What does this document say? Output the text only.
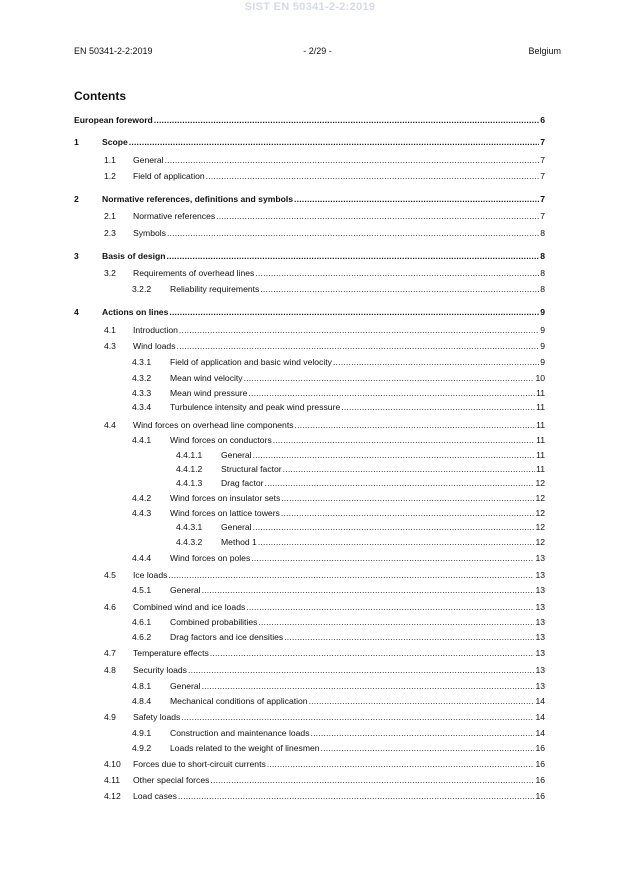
SIST EN 50341-2-2:2019
EN 50341-2-2:2019	- 2/29 -	Belgium
Contents
European foreword .....	6
1	Scope .....	7
1.1 General .....	7
1.2 Field of application .....	7
2	Normative references, definitions and symbols .....	7
2.1 Normative references .....	7
2.3 Symbols .....	8
3	Basis of design .....	8
3.2 Requirements of overhead lines .....	8
3.2.2 Reliability requirements .....	8
4	Actions on lines .....	9
4.1 Introduction .....	9
4.3 Wind loads .....	9
4.3.1 Field of application and basic wind velocity .....	9
4.3.2 Mean wind velocity .....	10
4.3.3 Mean wind pressure .....	11
4.3.4 Turbulence intensity and peak wind pressure .....	11
4.4 Wind forces on overhead line components .....	11
4.4.1 Wind forces on conductors .....	11
4.4.1.1 General .....	11
4.4.1.2 Structural factor .....	11
4.4.1.3 Drag factor .....	12
4.4.2 Wind forces on insulator sets .....	12
4.4.3 Wind forces on lattice towers .....	12
4.4.3.1 General .....	12
4.4.3.2 Method 1 .....	12
4.4.4 Wind forces on poles .....	13
4.5 Ice loads .....	13
4.5.1 General .....	13
4.6 Combined wind and ice loads .....	13
4.6.1 Combined probabilities .....	13
4.6.2 Drag factors and ice densities .....	13
4.7 Temperature effects .....	13
4.8 Security loads .....	13
4.8.1 General .....	13
4.8.4 Mechanical conditions of application .....	14
4.9 Safety loads .....	14
4.9.1 Construction and maintenance loads .....	14
4.9.2 Loads related to the weight of linesmen .....	16
4.10 Forces due to short-circuit currents .....	16
4.11 Other special forces .....	16
4.12 Load cases .....	16
